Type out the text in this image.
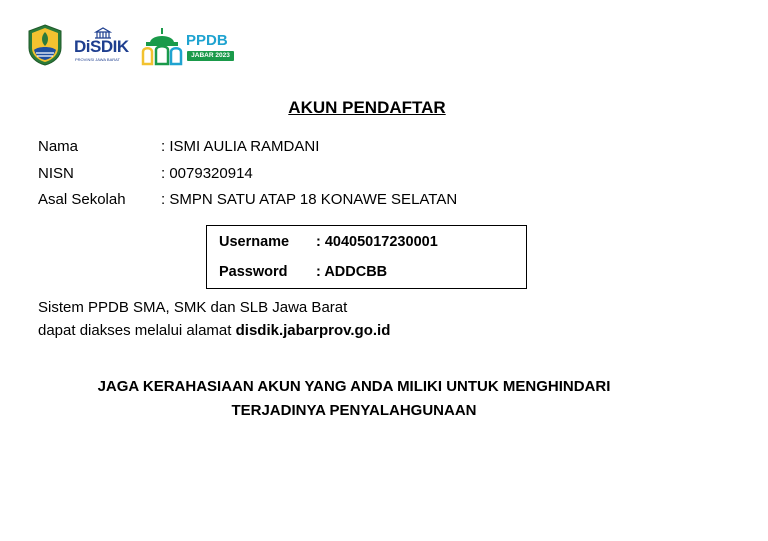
DiSDIK
PROVINSI JAWA BARAT
PPDB
JABAR 2023
AKUN PENDAFTAR
Nama	: ISMI AULIA RAMDANI
NISN	: 0079320914
Asal Sekolah : SMPN SATU ATAP 18 KONAWE SELATAN
Username : 40405017230001
Password : ADDCBB
Sistem PPDB SMA, SMK dan SLB Jawa Barat
dapat diakses melalui alamat disdik.jabarprov.go.id
JAGA KERAHASIAAN AKUN YANG ANDA MILIKI UNTUK MENGHINDARI
TERJADINYA PENYALAHGUNAAN
